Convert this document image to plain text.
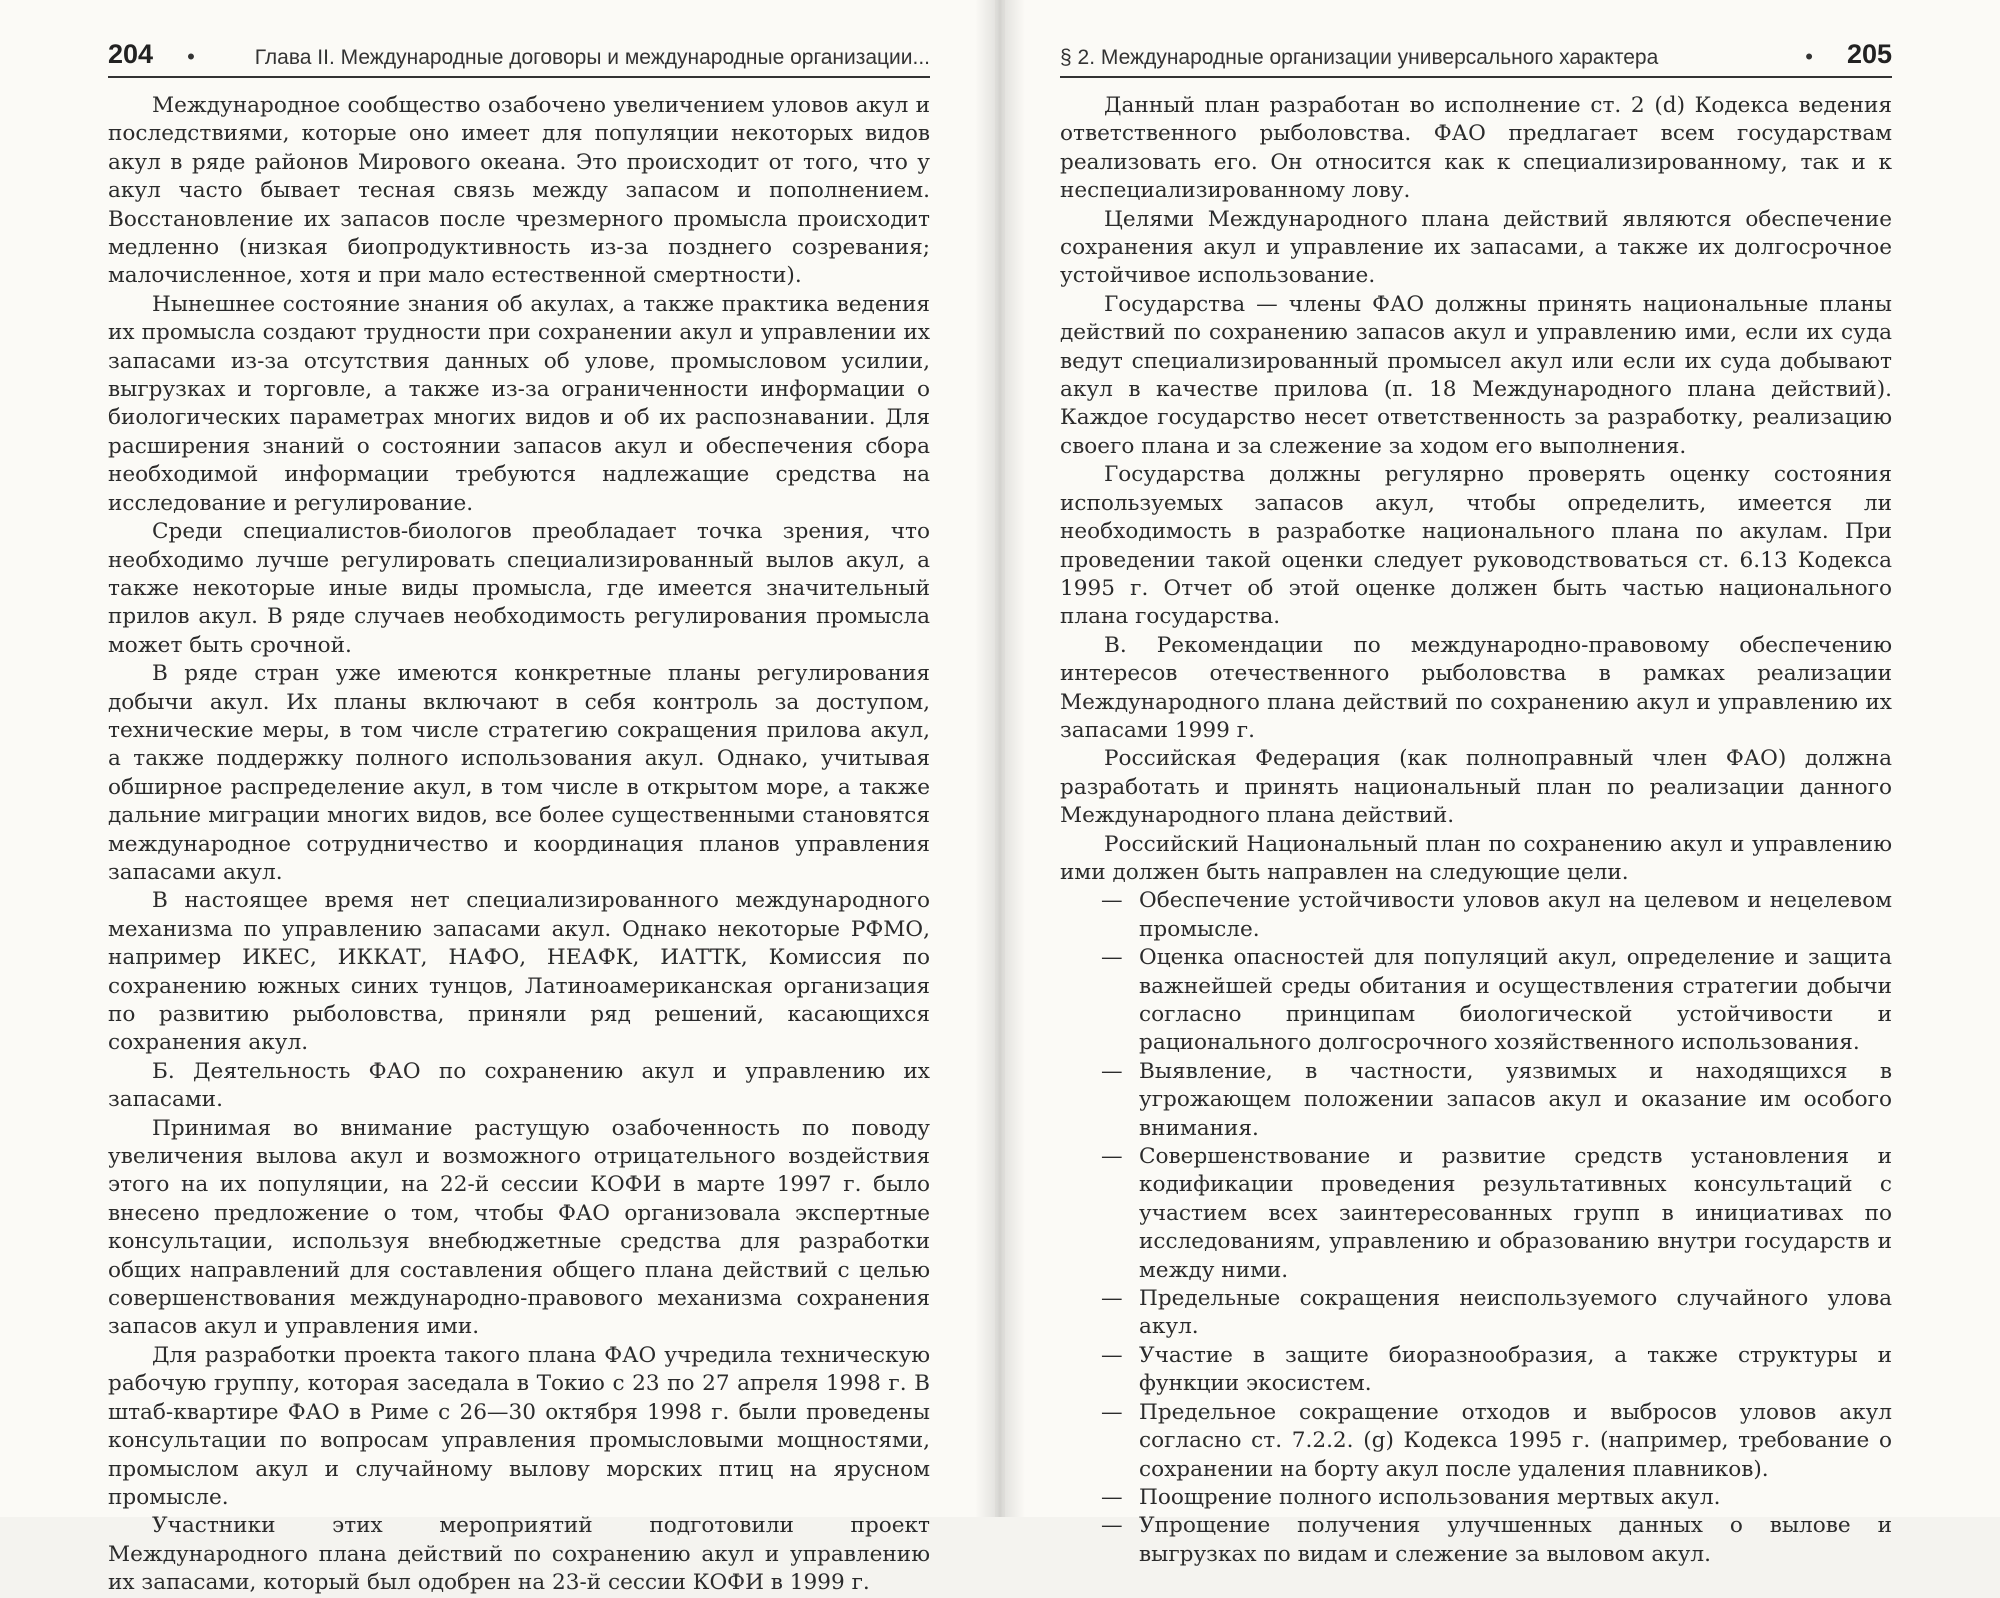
204 •	Глава II. Международные договоры и международные организации...

Международное сообщество озабочено увеличением уловов акул и последствиями, которые оно имеет для популяции некоторых видов акул в ряде районов Мирового океана. Это происходит от того, что у акул часто бывает тесная связь между запасом и пополнением. Восстановление их запасов после чрезмерного промысла происходит медленно (низкая биопродуктивность из-за позднего созревания; малочисленное, хотя и при мало естественной смертности).

Нынешнее состояние знания об акулах, а также практика ведения их промысла создают трудности при сохранении акул и управлении их запасами из-за отсутствия данных об улове, промысловом усилии, выгрузках и торговле, а также из-за ограниченности информации о биологических параметрах многих видов и об их распознавании. Для расширения знаний о состоянии запасов акул и обеспечения сбора необходимой информации требуются надлежащие средства на исследование и регулирование.

Среди специалистов-биологов преобладает точка зрения, что необходимо лучше регулировать специализированный вылов акул, а также некоторые иные виды промысла, где имеется значительный прилов акул. В ряде случаев необходимость регулирования промысла может быть срочной.

В ряде стран уже имеются конкретные планы регулирования добычи акул. Их планы включают в себя контроль за доступом, технические меры, в том числе стратегию сокращения прилова акул, а также поддержку полного использования акул. Однако, учитывая обширное распределение акул, в том числе в открытом море, а также дальние миграции многих видов, все более существенными становятся международное сотрудничество и координация планов управления запасами акул.

В настоящее время нет специализированного международного механизма по управлению запасами акул. Однако некоторые РФМО, например ИКЕС, ИККАТ, НАФО, НЕАФК, ИАТТК, Комиссия по сохранению южных синих тунцов, Латиноамериканская организация по развитию рыболовства, приняли ряд решений, касающихся сохранения акул.

Б. Деятельность ФАО по сохранению акул и управлению их запасами.

Принимая во внимание растущую озабоченность по поводу увеличения вылова акул и возможного отрицательного воздействия этого на их популяции, на 22-й сессии КОФИ в марте 1997 г. было внесено предложение о том, чтобы ФАО организовала экспертные консультации, используя внебюджетные средства для разработки общих направлений для составления общего плана действий с целью совершенствования международно-правового механизма сохранения запасов акул и управления ими.

Для разработки проекта такого плана ФАО учредила техническую рабочую группу, которая заседала в Токио с 23 по 27 апреля 1998 г. В штаб-квартире ФАО в Риме с 26—30 октября 1998 г. были проведены консультации по вопросам управления промысловыми мощностями, промыслом акул и случайному вылову морских птиц на ярусном промысле.

Участники этих мероприятий подготовили проект Международного плана действий по сохранению акул и управлению их запасами, который был одобрен на 23-й сессии КОФИ в 1999 г.

§ 2. Международные организации универсального характера	• 205

Данный план разработан во исполнение ст. 2 (d) Кодекса ведения ответственного рыболовства. ФАО предлагает всем государствам реализовать его. Он относится как к специализированному, так и к неспециализированному лову.

Целями Международного плана действий являются обеспечение сохранения акул и управление их запасами, а также их долгосрочное устойчивое использование.

Государства — члены ФАО должны принять национальные планы действий по сохранению запасов акул и управлению ими, если их суда ведут специализированный промысел акул или если их суда добывают акул в качестве прилова (п. 18 Международного плана действий). Каждое государство несет ответственность за разработку, реализацию своего плана и за слежение за ходом его выполнения.

Государства должны регулярно проверять оценку состояния используемых запасов акул, чтобы определить, имеется ли необходимость в разработке национального плана по акулам. При проведении такой оценки следует руководствоваться ст. 6.13 Кодекса 1995 г. Отчет об этой оценке должен быть частью национального плана государства.

В. Рекомендации по международно-правовому обеспечению интересов отечественного рыболовства в рамках реализации Международного плана действий по сохранению акул и управлению их запасами 1999 г.

Российская Федерация (как полноправный член ФАО) должна разработать и принять национальный план по реализации данного Международного плана действий.

Российский Национальный план по сохранению акул и управлению ими должен быть направлен на следующие цели.

— Обеспечение устойчивости уловов акул на целевом и нецелевом промысле.
— Оценка опасностей для популяций акул, определение и защита важнейшей среды обитания и осуществления стратегии добычи согласно принципам биологической устойчивости и рационального долгосрочного хозяйственного использования.
— Выявление, в частности, уязвимых и находящихся в угрожающем положении запасов акул и оказание им особого внимания.
— Совершенствование и развитие средств установления и кодификации проведения результативных консультаций с участием всех заинтересованных групп в инициативах по исследованиям, управлению и образованию внутри государств и между ними.
— Предельные сокращения неиспользуемого случайного улова акул.
— Участие в защите биоразнообразия, а также структуры и функции экосистем.
— Предельное сокращение отходов и выбросов уловов акул согласно ст. 7.2.2. (g) Кодекса 1995 г. (например, требование о сохранении на борту акул после удаления плавников).
— Поощрение полного использования мертвых акул.
— Упрощение получения улучшенных данных о вылове и выгрузках по видам и слежение за выловом акул.
